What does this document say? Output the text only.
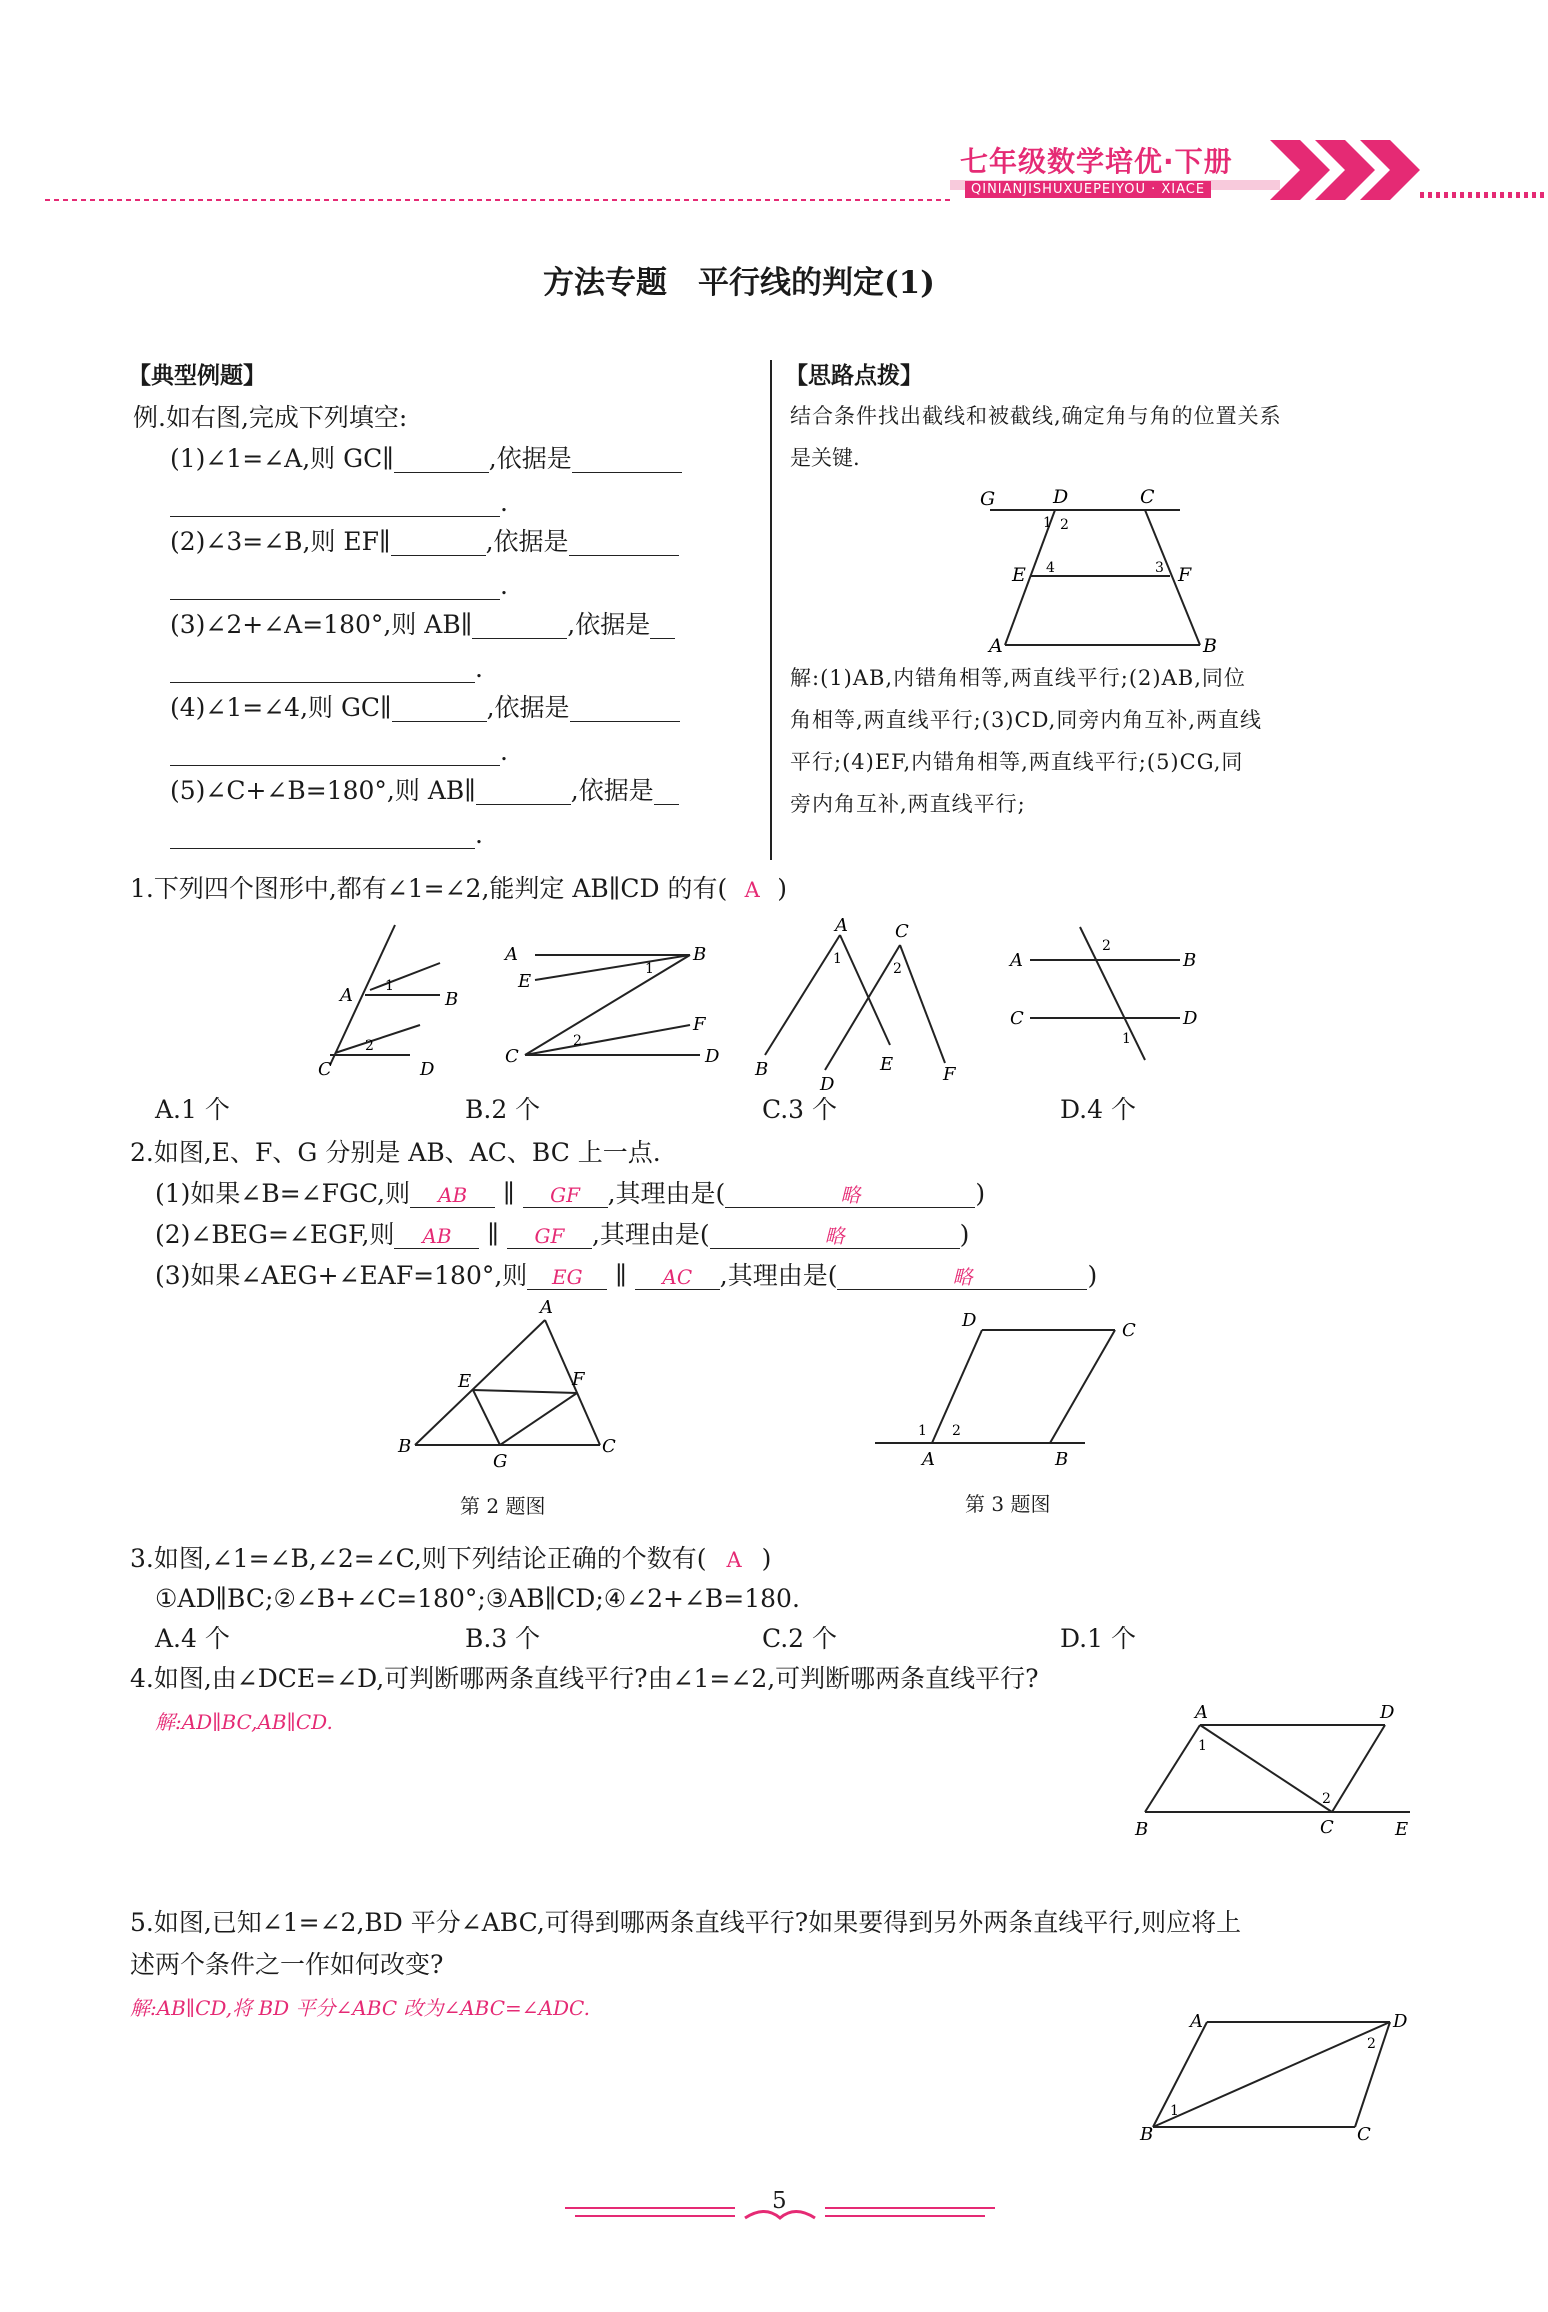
七年级数学培优·下册
QINIANJISHUXUEPEIYOU · XIACE
方法专题　平行线的判定(1)
【典型例题】
例.如右图,完成下列填空:
(1)∠1=∠A,则 GC∥	,依据是
.
(2)∠3=∠B,则 EF∥	,依据是
.
(3)∠2+∠A=180°,则 AB∥	,依据是
.
(4)∠1=∠4,则 GC∥	,依据是
.
(5)∠C+∠B=180°,则 AB∥	,依据是
.
【思路点拨】
结合条件找出截线和被截线,确定角与角的位置关系
是关键.
G	D	C
E	F
A	B
1 2
3
4
解:(1)AB,内错角相等,两直线平行;(2)AB,同位
角相等,两直线平行;(3)CD,同旁内角互补,两直线
平行;(4)EF,内错角相等,两直线平行;(5)CG,同
旁内角互补,两直线平行;
1.下列四个图形中,都有∠1=∠2,能判定 AB∥CD 的有( A )
A	B
C	D
1
2
A	B
E
F
C	D
1
2
A	C
B
D
E	F
1
2	A	B
C	D
2
1
A.1 个	B.2 个	C.3 个	D.4 个
2.如图,E、F、G 分别是 AB、AC、BC 上一点.
(1)如果∠B=∠FGC,则 AB ∥ GF ,其理由是(	略	)
(2)∠BEG=∠EGF,则 AB ∥ GF ,其理由是(	略	)
(3)如果∠AEG+∠EAF=180°,则 EG ∥ AC ,其理由是(	略	)
A
E	F
B
G
C
第 2 题图
D	C
A	B
1 2
第 3 题图
3.如图,∠1=∠B,∠2=∠C,则下列结论正确的个数有( A )
①AD∥BC;②∠B+∠C=180°;③AB∥CD;④∠2+∠B=180.
A.4 个	B.3 个	C.2 个	D.1 个
4.如图,由∠DCE=∠D,可判断哪两条直线平行?由∠1=∠2,可判断哪两条直线平行?
解:AD∥BC,AB∥CD.	A	D
B	C	E
1
2
5.如图,已知∠1=∠2,BD 平分∠ABC,可得到哪两条直线平行?如果要得到另外两条直线平行,则应将上
述两个条件之一作如何改变?
解:AB∥CD,将 BD 平分∠ABC 改为∠ABC=∠ADC.
A	D
B	C
1
2
5
